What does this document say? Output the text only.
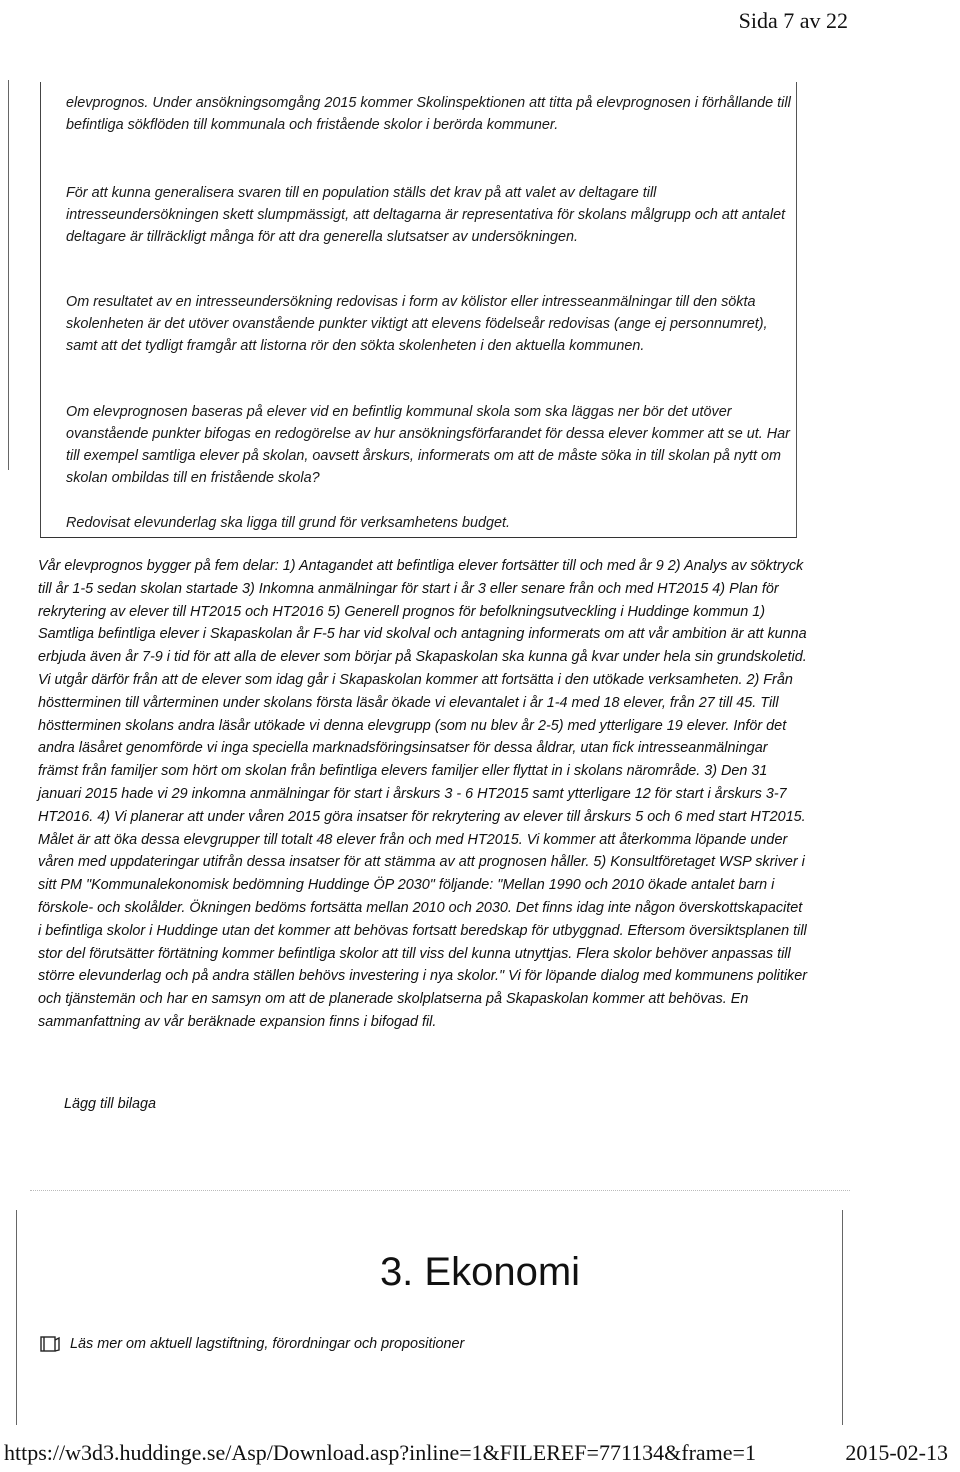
Sida 7 av 22

elevprognos. Under ansökningsomgång 2015 kommer Skolinspektionen att titta på elevprognosen i förhållande till befintliga sökflöden till kommunala och fristående skolor i berörda kommuner.

För att kunna generalisera svaren till en population ställs det krav på att valet av deltagare till intresseundersökningen skett slumpmässigt, att deltagarna är representativa för skolans målgrupp och att antalet deltagare är tillräckligt många för att dra generella slutsatser av undersökningen.

Om resultatet av en intresseundersökning redovisas i form av kölistor eller intresseanmälningar till den sökta skolenheten är det utöver ovanstående punkter viktigt att elevens födelseår redovisas (ange ej personnumret), samt att det tydligt framgår att listorna rör den sökta skolenheten i den aktuella kommunen.

Om elevprognosen baseras på elever vid en befintlig kommunal skola som ska läggas ner bör det utöver ovanstående punkter bifogas en redogörelse av hur ansökningsförfarandet för dessa elever kommer att se ut. Har till exempel samtliga elever på skolan, oavsett årskurs, informerats om att de måste söka in till skolan på nytt om skolan ombildas till en fristående skola?

Redovisat elevunderlag ska ligga till grund för verksamhetens budget.

Vår elevprognos bygger på fem delar: 1) Antagandet att befintliga elever fortsätter till och med år 9 2) Analys av söktryck till år 1-5 sedan skolan startade 3) Inkomna anmälningar för start i år 3 eller senare från och med HT2015 4) Plan för rekrytering av elever till HT2015 och HT2016 5) Generell prognos för befolkningsutveckling i Huddinge kommun 1) Samtliga befintliga elever i Skapaskolan år F-5 har vid skolval och antagning informerats om att vår ambition är att kunna erbjuda även år 7-9 i tid för att alla de elever som börjar på Skapaskolan ska kunna gå kvar under hela sin grundskoletid. Vi utgår därför från att de elever som idag går i Skapaskolan kommer att fortsätta i den utökade verksamheten. 2) Från höstterminen till vårterminen under skolans första läsår ökade vi elevantalet i år 1-4 med 18 elever, från 27 till 45. Till höstterminen skolans andra läsår utökade vi denna elevgrupp (som nu blev år 2-5) med ytterligare 19 elever. Inför det andra läsåret genomförde vi inga speciella marknadsföringsinsatser för dessa åldrar, utan fick intresseanmälningar främst från familjer som hört om skolan från befintliga elevers familjer eller flyttat in i skolans närområde. 3) Den 31 januari 2015 hade vi 29 inkomna anmälningar för start i årskurs 3 - 6 HT2015 samt ytterligare 12 för start i årskurs 3-7 HT2016. 4) Vi planerar att under våren 2015 göra insatser för rekrytering av elever till årskurs 5 och 6 med start HT2015. Målet är att öka dessa elevgrupper till totalt 48 elever från och med HT2015. Vi kommer att återkomma löpande under våren med uppdateringar utifrån dessa insatser för att stämma av att prognosen håller. 5) Konsultföretaget WSP skriver i sitt PM "Kommunalekonomisk bedömning Huddinge ÖP 2030" följande: "Mellan 1990 och 2010 ökade antalet barn i förskole- och skolålder. Ökningen bedöms fortsätta mellan 2010 och 2030. Det finns idag inte någon överskottskapacitet i befintliga skolor i Huddinge utan det kommer att behövas fortsatt beredskap för utbyggnad. Eftersom översiktsplanen till stor del förutsätter förtätning kommer befintliga skolor att till viss del kunna utnyttjas. Flera skolor behöver anpassas till större elevunderlag och på andra ställen behövs investering i nya skolor." Vi för löpande dialog med kommunens politiker och tjänstemän och har en samsyn om att de planerade skolplatserna på Skapaskolan kommer att behövas. En sammanfattning av vår beräknade expansion finns i bifogad fil.

Lägg till bilaga
3. Ekonomi
Läs mer om aktuell lagstiftning, förordningar och propositioner
https://w3d3.huddinge.se/Asp/Download.asp?inline=1&FILEREF=771134&frame=1	2015-02-13
